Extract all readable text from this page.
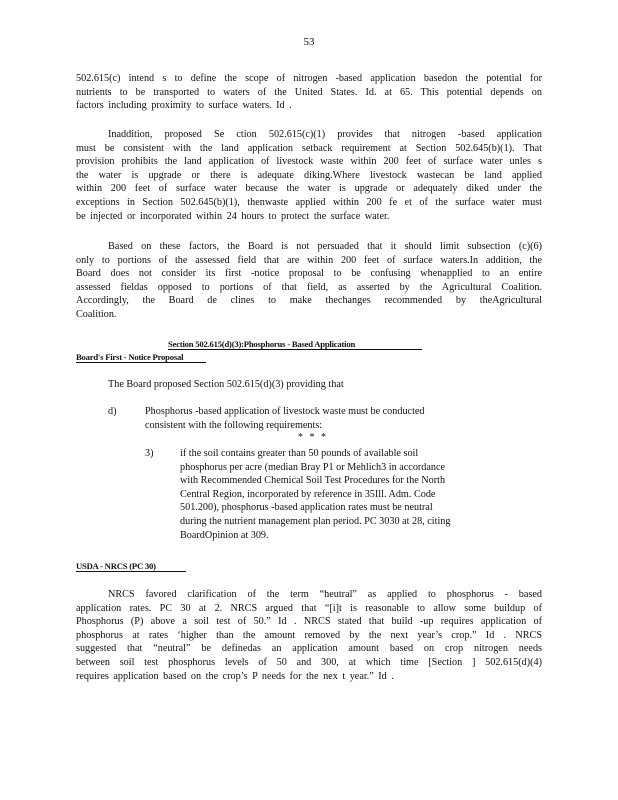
53
502.615(c) intend s to define the scope of nitrogen -based application basedon the potential for
nutrients to be transported to waters of the United States. Id. at 65. This potential depends on
factors including proximity to surface waters. Id .
Inaddition, proposed Se ction 502.615(c)(1) provides that nitrogen -based application
must be consistent with the land application setback requirement at Section 502.645(b)(1). That
provision prohibits the land application of livestock waste within 200 feet of surface water unles s
the water is upgrade or there is adequate diking.Where livestock wastecan be land applied
within 200 feet of surface water because the water is upgrade or adequately diked under the
exceptions in Section 502.645(b)(1), thenwaste applied within 200 fe et of the surface water must
be injected or incorporated within 24 hours to protect the surface water.
Based on these factors, the Board is not persuaded that it should limit subsection (c)(6)
only to portions of the assessed field that are within 200 feet of surface waters.In addition, the
Board does not consider its first -notice proposal to be confusing whenapplied to an entire
assessed fieldas opposed to portions of that field, as asserted by the Agricultural Coalition.
Accordingly, the Board de clines to make thechanges recommended by theAgricultural
Coalition.
Section 502.615(d)(3):Phosphorus - Based Application
Board's First - Notice Proposal

The Board proposed Section 502.615(d)(3) providing that

d)	Phosphorus -based application of livestock waste must be conducted
consistent with the following requirements:
* * *

3)	if the soil contains greater than 50 pounds of available soil
phosphorus per acre (median Bray P1 or Mehlich3 in accordance
with Recommended Chemical Soil Test Procedures for the North
Central Region, incorporated by reference in 35Ill. Adm. Code
501.200), phosphorus -based application rates must be neutral
during the nutrient management plan period. PC 3030 at 28, citing
BoardOpinion at 309.
USDA - NRCS (PC 30)
NRCS favored clarification of the term “heutral” as applied to phosphorus - based
application rates. PC 30 at 2. NRCS argued that “[i]t is reasonable to allow some buildup of
Phosphorus (P) above a soil test of 50.” Id . NRCS stated that build -up requires application of
phosphorus at rates ‘higher than the amount removed by the next year’s crop.” Id . NRCS
suggested that “neutral” be definedas an application amount based on crop nitrogen needs
between soil test phosphorus levels of 50 and 300, at which time [Section ] 502.615(d)(4)
requires application based on the crop’s P needs for the nex t year.” Id .
